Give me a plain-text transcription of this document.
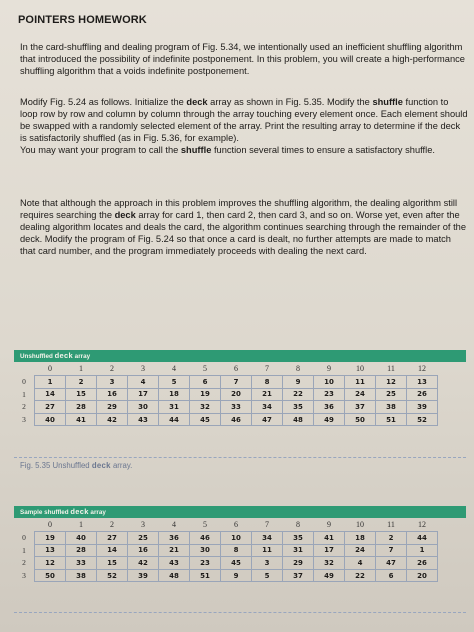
POINTERS HOMEWORK

In the card-shuffling and dealing program of Fig. 5.34, we intentionally used an inefficient shuffling algorithm that introduced the possibility of indefinite postponement. In this problem, you will create a high-performance shuffling algorithm that a voids indefinite postponement.

Modify Fig. 5.24 as follows. Initialize the deck array as shown in Fig. 5.35. Modify the shuffle function to loop row by row and column by column through the array touching every element once. Each element should be swapped with a randomly selected element of the array. Print the resulting array to determine if the deck is satisfactorily shuffled (as in Fig. 5.36, for example).
You may want your program to call the shuffle function several times to ensure a satisfactory shuffle.

Note that although the approach in this problem improves the shuffling algorithm, the dealing algorithm still requires searching the deck array for card 1, then card 2, then card 3, and so on. Worse yet, even after the dealing algorithm locates and deals the card, the algorithm continues searching through the remainder of the deck. Modify the program of Fig. 5.24 so that once a card is dealt, no further attempts are made to match that card number, and the program immediately proceeds with dealing the next card.

Unshuffled deck array
	0	1	2	3	4	5	6	7	8	9	10	11	12
0	1	2	3	4	5	6	7	8	9	10	11	12	13
1	14	15	16	17	18	19	20	21	22	23	24	25	26
2	27	28	29	30	31	32	33	34	35	36	37	38	39
3	40	41	42	43	44	45	46	47	48	49	50	51	52
Fig. 5.35 Unshuffled deck array.
Sample shuffled deck array
	0	1	2	3	4	5	6	7	8	9	10	11	12
0	19	40	27	25	36	46	10	34	35	41	18	2	44
1	13	28	14	16	21	30	8	11	31	17	24	7	1
2	12	33	15	42	43	23	45	3	29	32	4	47	26
3	50	38	52	39	48	51	9	5	37	49	22	6	20
